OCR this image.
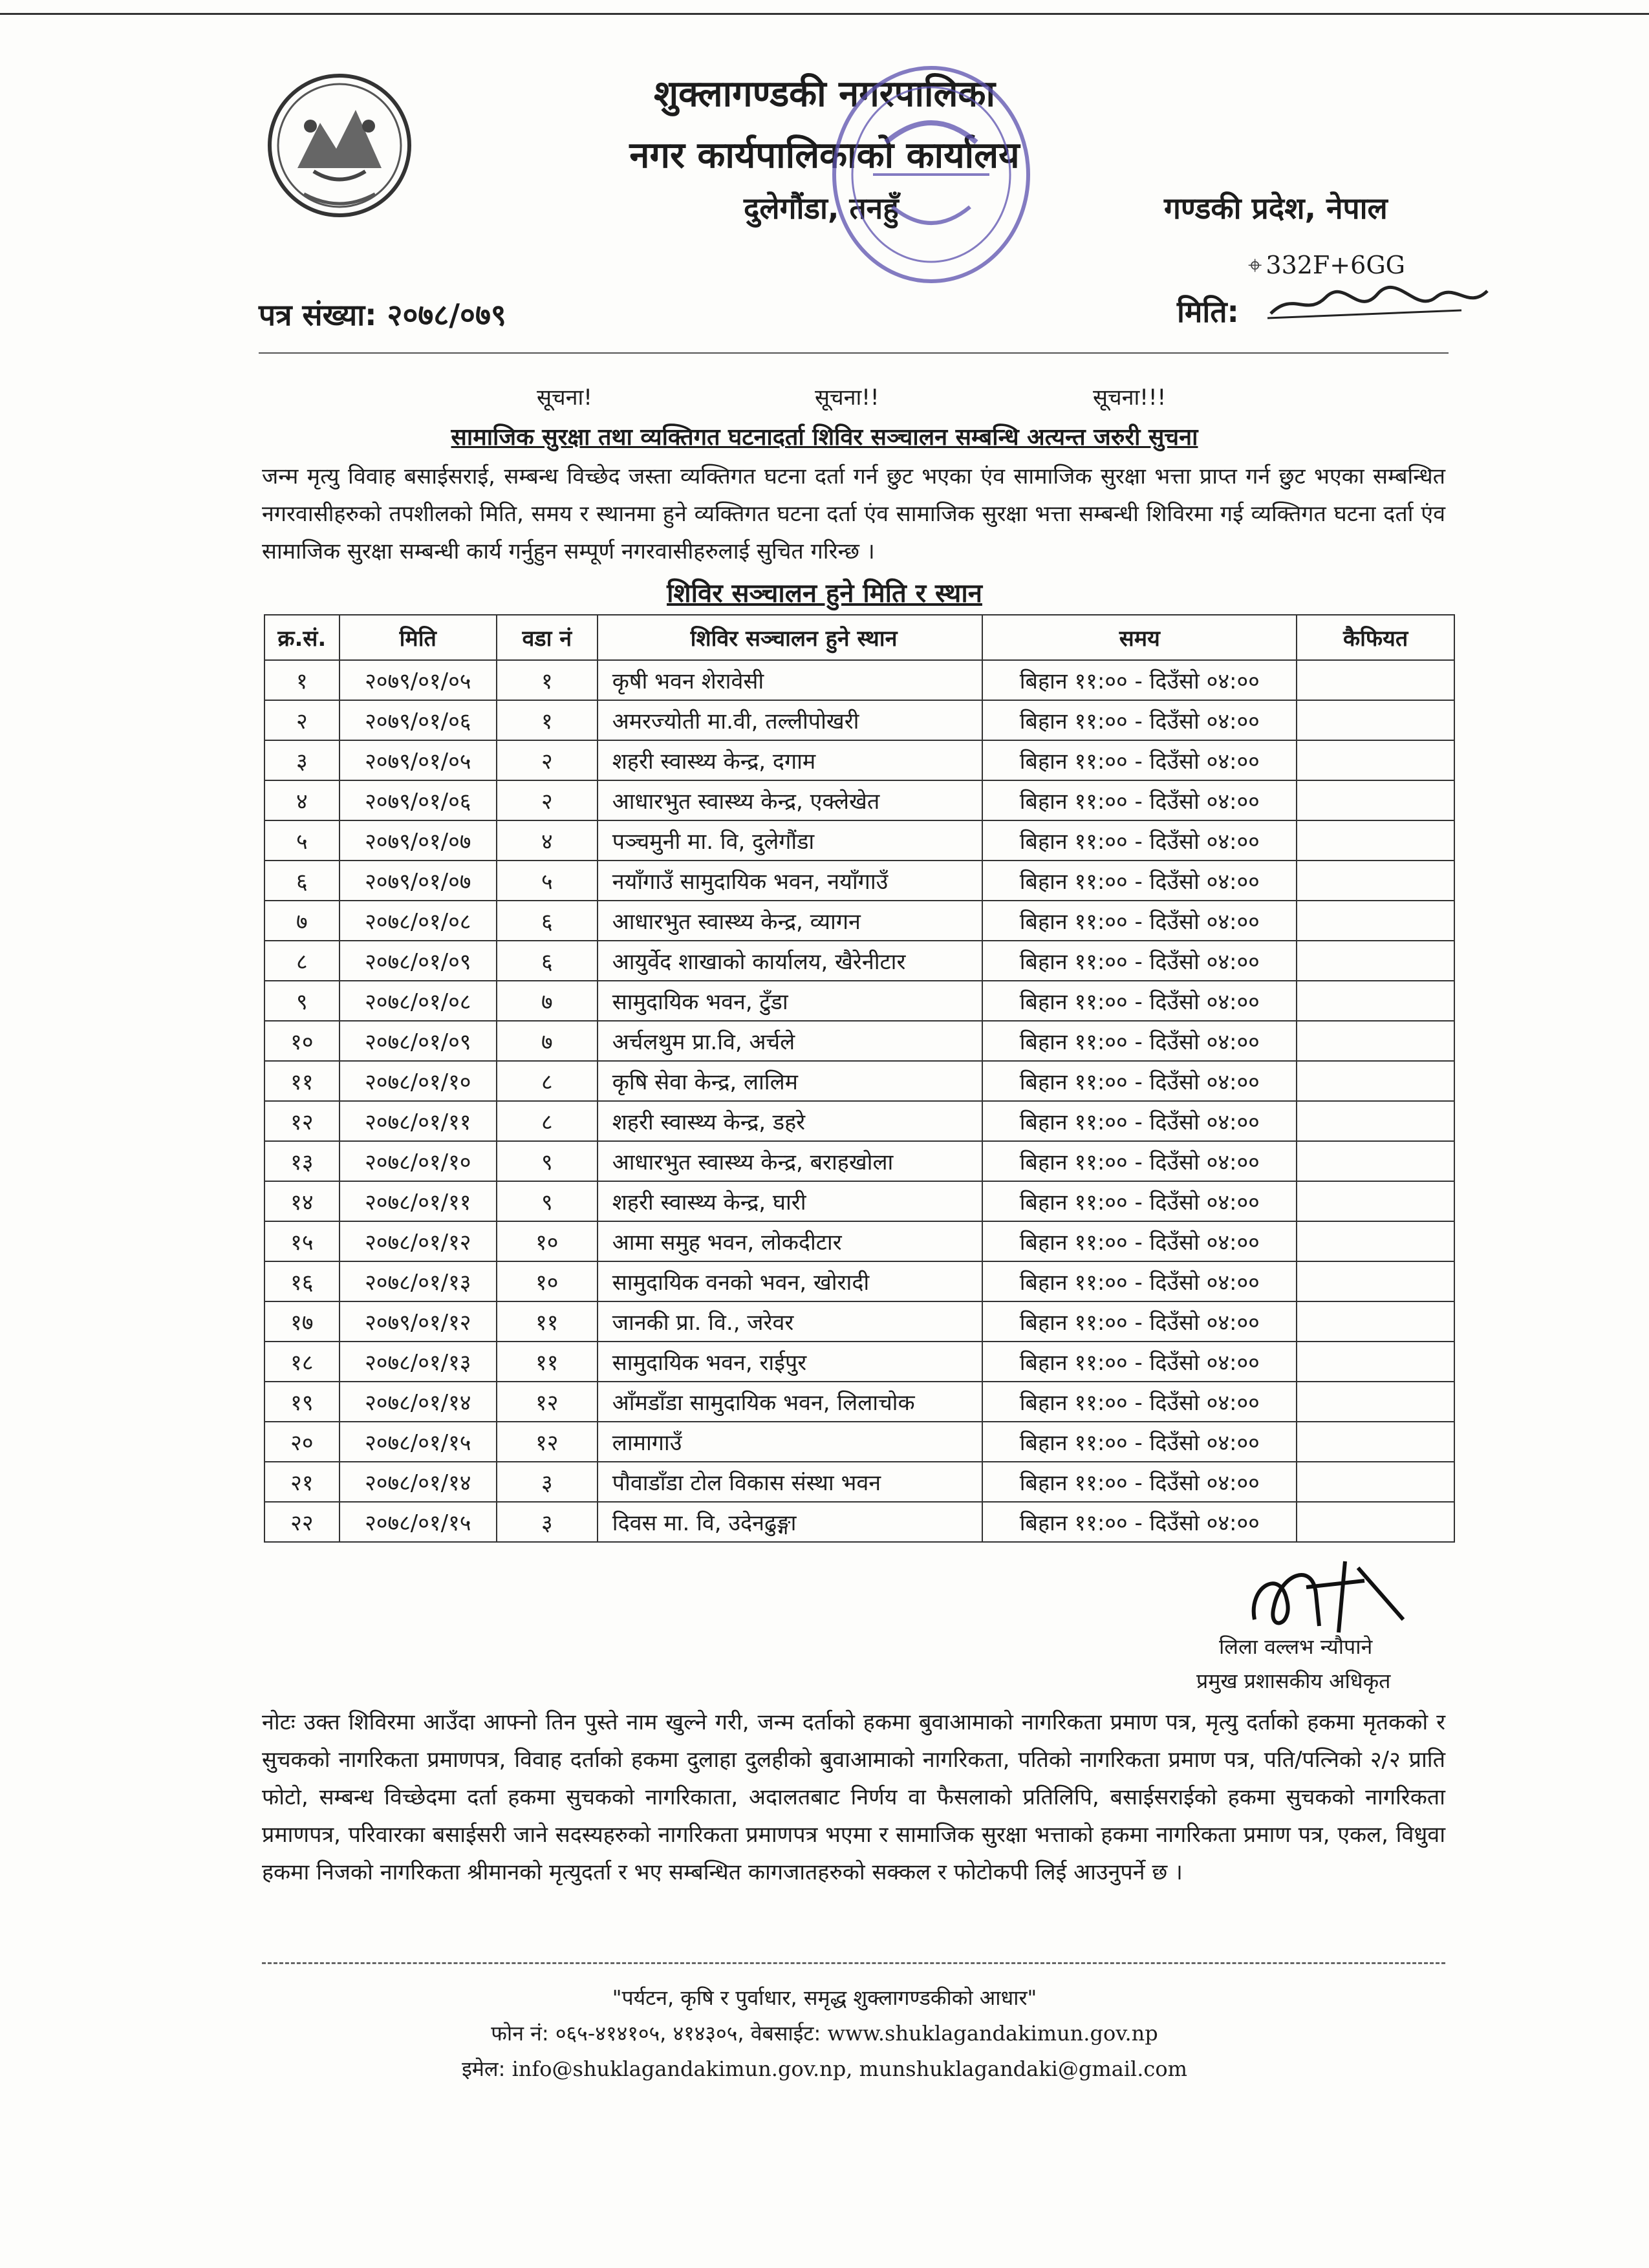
शुक्लागण्डकी नगरपालिका
नगर कार्यपालिकाको कार्यालय
दुलेगौंडा, तनहुँ	गण्डकी प्रदेश, नेपाल
⌖ 332F+6GG
पत्र संख्या: २०७८/०७९	मिति:
सूचना!	सूचना!!	सूचना!!!
सामाजिक सुरक्षा तथा व्यक्तिगत घटनादर्ता शिविर सञ्चालन सम्बन्धि अत्यन्त जरुरी सुचना
जन्म मृत्यु विवाह बसाईसराई, सम्बन्ध विच्छेद जस्ता व्यक्तिगत घटना दर्ता गर्न छुट भएका एंव सामाजिक सुरक्षा भत्ता प्राप्त गर्न छुट भएका सम्बन्धित नगरवासीहरुको तपशीलको मिति, समय र स्थानमा हुने व्यक्तिगत घटना दर्ता एंव सामाजिक सुरक्षा भत्ता सम्बन्धी शिविरमा गई व्यक्तिगत घटना दर्ता एंव सामाजिक सुरक्षा सम्बन्धी कार्य गर्नुहुन सम्पूर्ण नगरवासीहरुलाई सुचित गरिन्छ ।
शिविर सञ्चालन हुने मिति र स्थान
क्र.सं.	मिति	वडा नं	शिविर सञ्चालन हुने स्थान	समय	कैफियत
१	२०७९/०१/०५	१	कृषी भवन शेरावेसी	बिहान ११:०० - दिउँसो ०४:००	
२	२०७९/०१/०६	१	अमरज्योती मा.वी, तल्लीपोखरी	बिहान ११:०० - दिउँसो ०४:००	
३	२०७९/०१/०५	२	शहरी स्वास्थ्य केन्द्र, दगाम	बिहान ११:०० - दिउँसो ०४:००	
४	२०७९/०१/०६	२	आधारभुत स्वास्थ्य केन्द्र, एक्लेखेत	बिहान ११:०० - दिउँसो ०४:००	
५	२०७९/०१/०७	४	पञ्चमुनी मा. वि, दुलेगौंडा	बिहान ११:०० - दिउँसो ०४:००	
६	२०७९/०१/०७	५	नयाँगाउँ सामुदायिक भवन, नयाँगाउँ	बिहान ११:०० - दिउँसो ०४:००	
७	२०७८/०१/०८	६	आधारभुत स्वास्थ्य केन्द्र, व्यागन	बिहान ११:०० - दिउँसो ०४:००	
८	२०७८/०१/०९	६	आयुर्वेद शाखाको कार्यालय, खैरेनीटार	बिहान ११:०० - दिउँसो ०४:००	
९	२०७८/०१/०८	७	सामुदायिक भवन, टुँडा	बिहान ११:०० - दिउँसो ०४:००	
१०	२०७८/०१/०९	७	अर्चलथुम प्रा.वि, अर्चले	बिहान ११:०० - दिउँसो ०४:००	
११	२०७८/०१/१०	८	कृषि सेवा केन्द्र, लालिम	बिहान ११:०० - दिउँसो ०४:००	
१२	२०७८/०१/११	८	शहरी स्वास्थ्य केन्द्र, डहरे	बिहान ११:०० - दिउँसो ०४:००	
१३	२०७८/०१/१०	९	आधारभुत स्वास्थ्य केन्द्र, बराहखोला	बिहान ११:०० - दिउँसो ०४:००	
१४	२०७८/०१/११	९	शहरी स्वास्थ्य केन्द्र, घारी	बिहान ११:०० - दिउँसो ०४:००	
१५	२०७८/०१/१२	१०	आमा समुह भवन, लोकदीटार	बिहान ११:०० - दिउँसो ०४:००	
१६	२०७८/०१/१३	१०	सामुदायिक वनको भवन, खोरादी	बिहान ११:०० - दिउँसो ०४:००	
१७	२०७९/०१/१२	११	जानकी प्रा. वि., जरेवर	बिहान ११:०० - दिउँसो ०४:००	
१८	२०७८/०१/१३	११	सामुदायिक भवन, राईपुर	बिहान ११:०० - दिउँसो ०४:००	
१९	२०७८/०१/१४	१२	आँमडाँडा सामुदायिक भवन, लिलाचोक	बिहान ११:०० - दिउँसो ०४:००	
२०	२०७८/०१/१५	१२	लामागाउँ	बिहान ११:०० - दिउँसो ०४:००	
२१	२०७८/०१/१४	३	पौवाडाँडा टोल विकास संस्था भवन	बिहान ११:०० - दिउँसो ०४:००	
२२	२०७८/०१/१५	३	दिवस मा. वि, उदेनढुङ्गा	बिहान ११:०० - दिउँसो ०४:००	
लिला वल्लभ न्यौपाने
प्रमुख प्रशासकीय अधिकृत
नोटः उक्त शिविरमा आउँदा आफ्नो तिन पुस्ते नाम खुल्ने गरी, जन्म दर्ताको हकमा बुवाआमाको नागरिकता प्रमाण पत्र, मृत्यु दर्ताको हकमा मृतकको र सुचकको नागरिकता प्रमाणपत्र, विवाह दर्ताको हकमा दुलाहा दुलहीको बुवाआमाको नागरिकता, पतिको नागरिकता प्रमाण पत्र, पति/पत्निको २/२ प्राति फोटो, सम्बन्ध विच्छेदमा दर्ता हकमा सुचकको नागरिकाता, अदालतबाट निर्णय वा फैसलाको प्रतिलिपि, बसाईसराईको हकमा सुचकको नागरिकता प्रमाणपत्र, परिवारका बसाईसरी जाने सदस्यहरुको नागरिकता प्रमाणपत्र भएमा र सामाजिक सुरक्षा भत्ताको हकमा नागरिकता प्रमाण पत्र, एकल, विधुवा हकमा निजको नागरिकता श्रीमानको मृत्युदर्ता र भए सम्बन्धित कागजातहरुको सक्कल र फोटोकपी लिई आउनुपर्ने छ ।
"पर्यटन, कृषि र पुर्वाधार, समृद्ध शुक्लागण्डकीको आधार"
फोन नं: ०६५-४१४१०५, ४१४३०५, वेबसाईट: www.shuklagandakimun.gov.np
इमेल: info@shuklagandakimun.gov.np, munshuklagandaki@gmail.com
